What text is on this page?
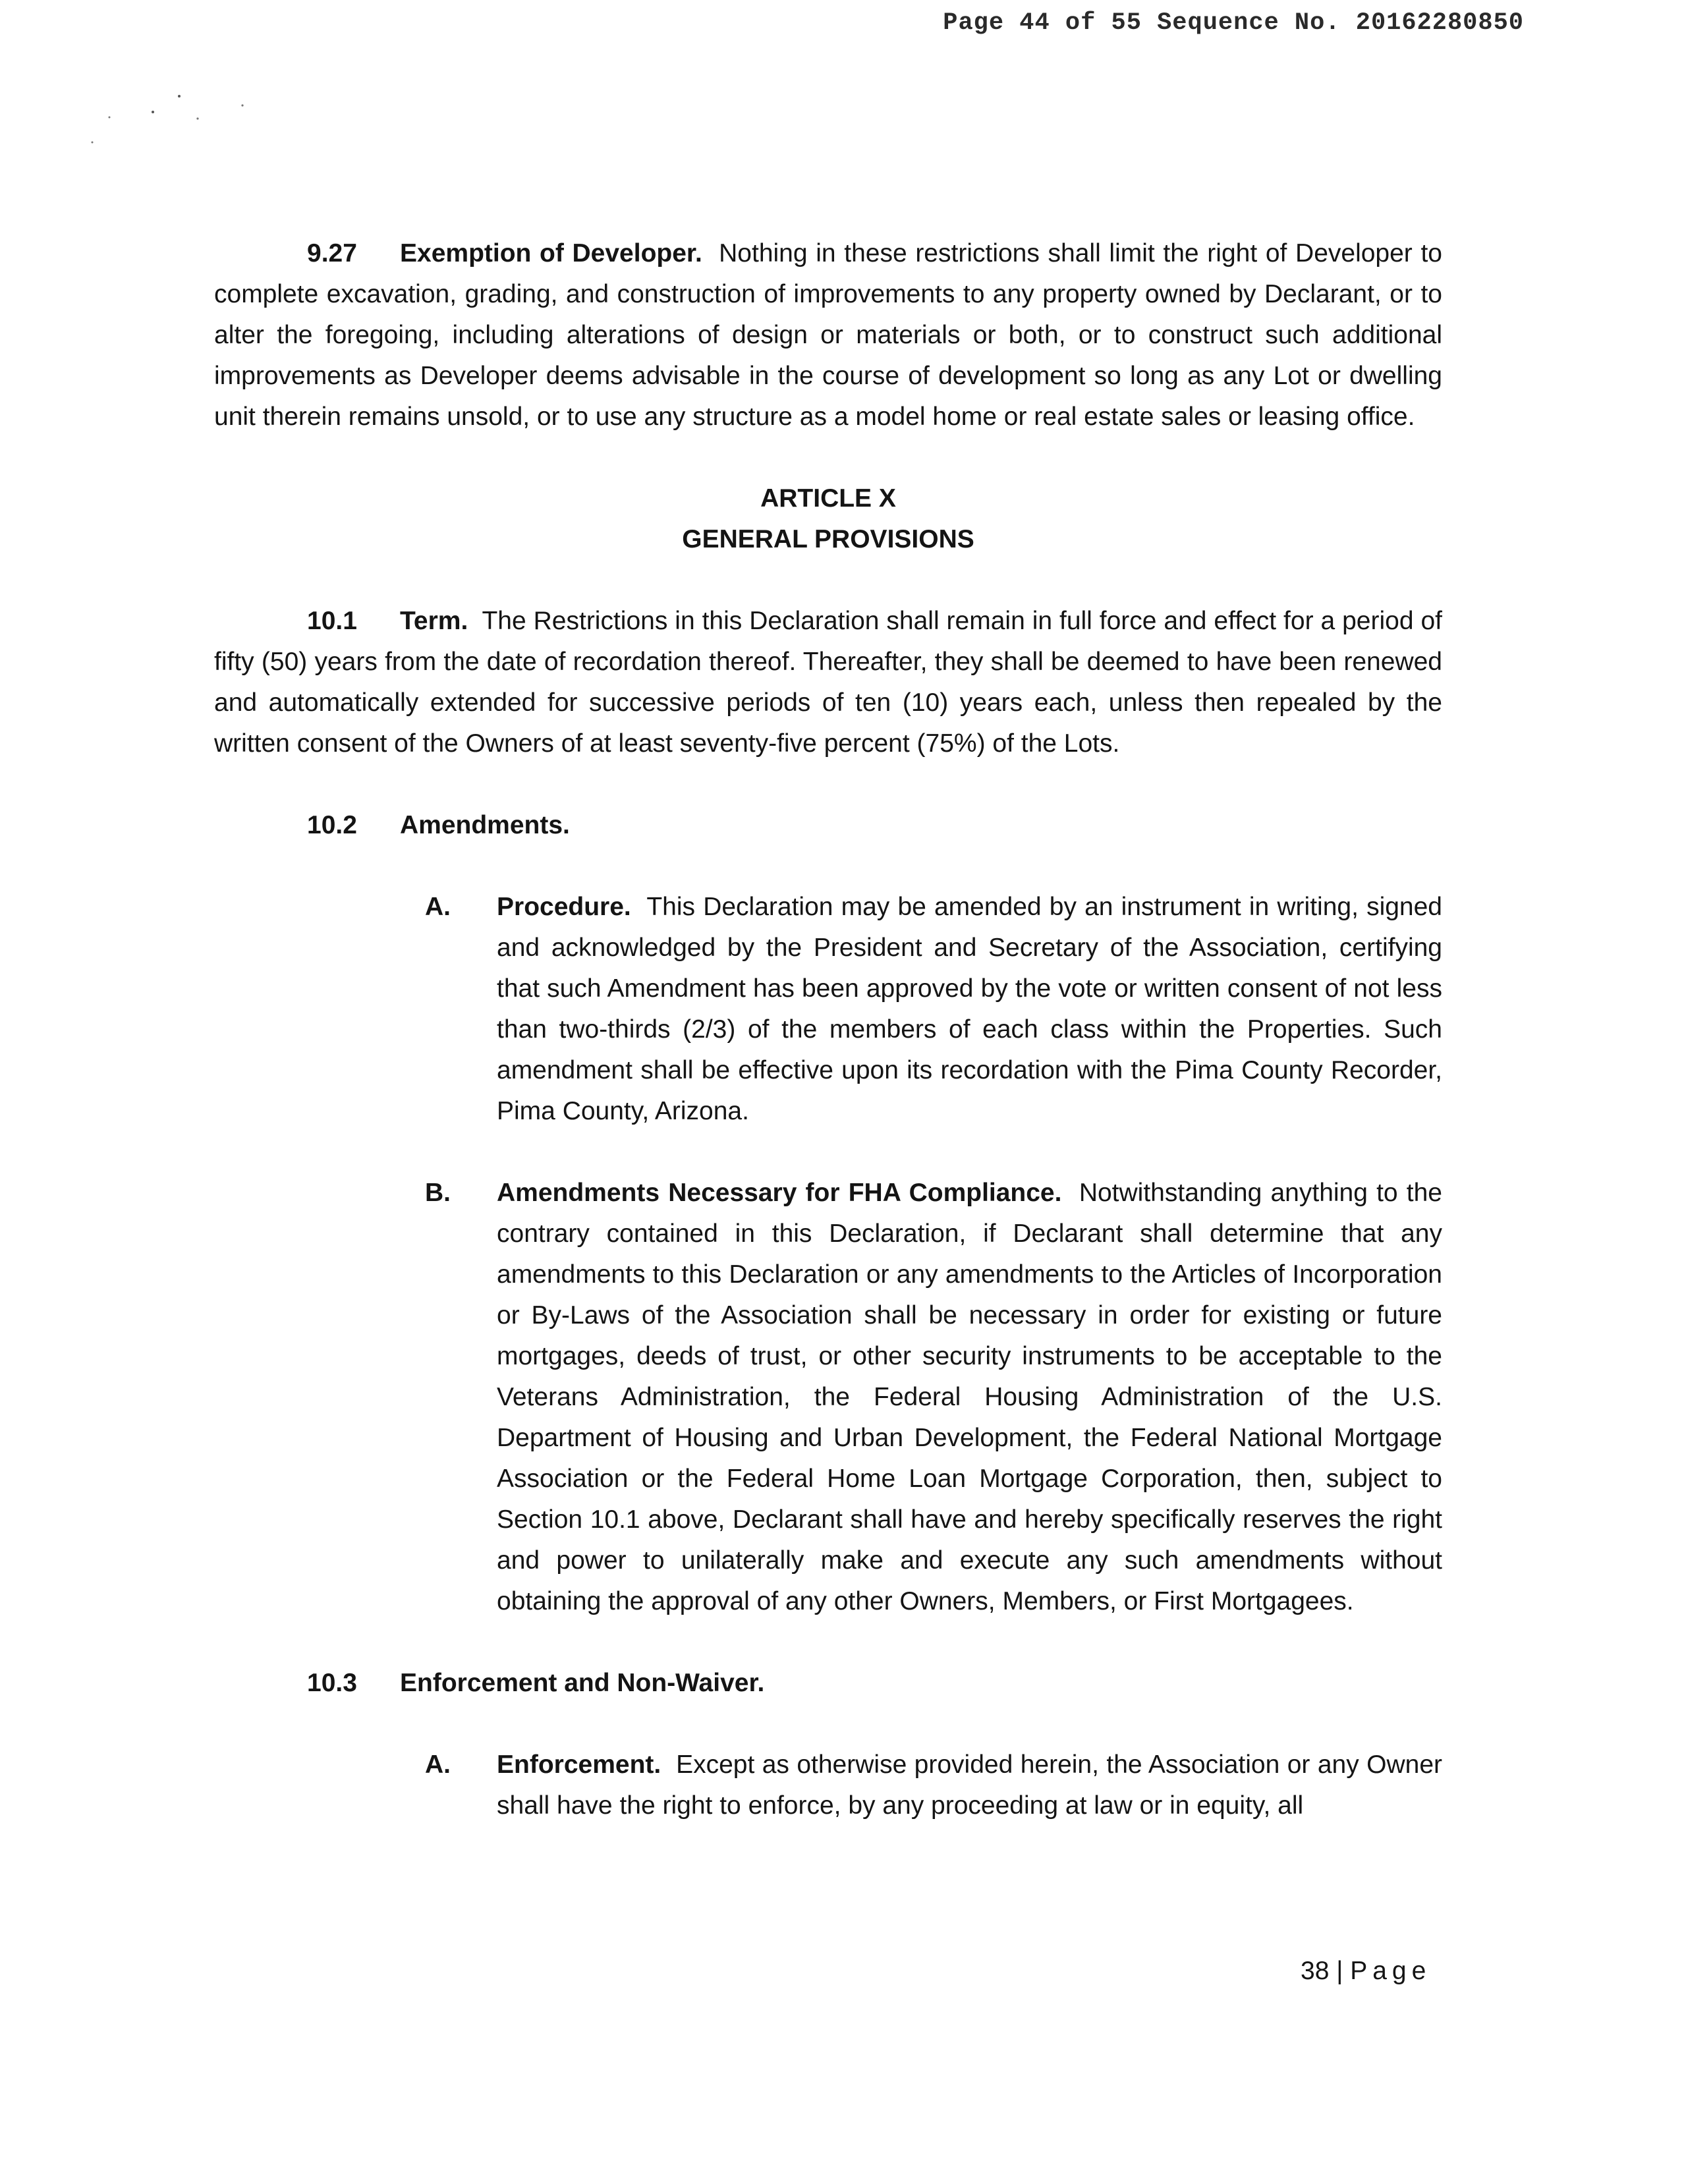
Page 44 of 55 Sequence No. 20162280850

9.27 Exemption of Developer. Nothing in these restrictions shall limit the right of Developer to complete excavation, grading, and construction of improvements to any property owned by Declarant, or to alter the foregoing, including alterations of design or materials or both, or to construct such additional improvements as Developer deems advisable in the course of development so long as any Lot or dwelling unit therein remains unsold, or to use any structure as a model home or real estate sales or leasing office.

ARTICLE X
GENERAL PROVISIONS

10.1 Term. The Restrictions in this Declaration shall remain in full force and effect for a period of fifty (50) years from the date of recordation thereof. Thereafter, they shall be deemed to have been renewed and automatically extended for successive periods of ten (10) years each, unless then repealed by the written consent of the Owners of at least seventy-five percent (75%) of the Lots.

10.2	Amendments.
A. Procedure. This Declaration may be amended by an instrument in writing, signed and acknowledged by the President and Secretary of the Association, certifying that such Amendment has been approved by the vote or written consent of not less than two-thirds (2/3) of the members of each class within the Properties. Such amendment shall be effective upon its recordation with the Pima County Recorder, Pima County, Arizona.

B. Amendments Necessary for FHA Compliance. Notwithstanding anything to the contrary contained in this Declaration, if Declarant shall determine that any amendments to this Declaration or any amendments to the Articles of Incorporation or By-Laws of the Association shall be necessary in order for existing or future mortgages, deeds of trust, or other security instruments to be acceptable to the Veterans Administration, the Federal Housing Administration of the U.S. Department of Housing and Urban Development, the Federal National Mortgage Association or the Federal Home Loan Mortgage Corporation, then, subject to Section 10.1 above, Declarant shall have and hereby specifically reserves the right and power to unilaterally make and execute any such amendments without obtaining the approval of any other Owners, Members, or First Mortgagees.

10.3	Enforcement and Non-Waiver.
A. Enforcement. Except as otherwise provided herein, the Association or any Owner shall have the right to enforce, by any proceeding at law or in equity, all

38 | Page
